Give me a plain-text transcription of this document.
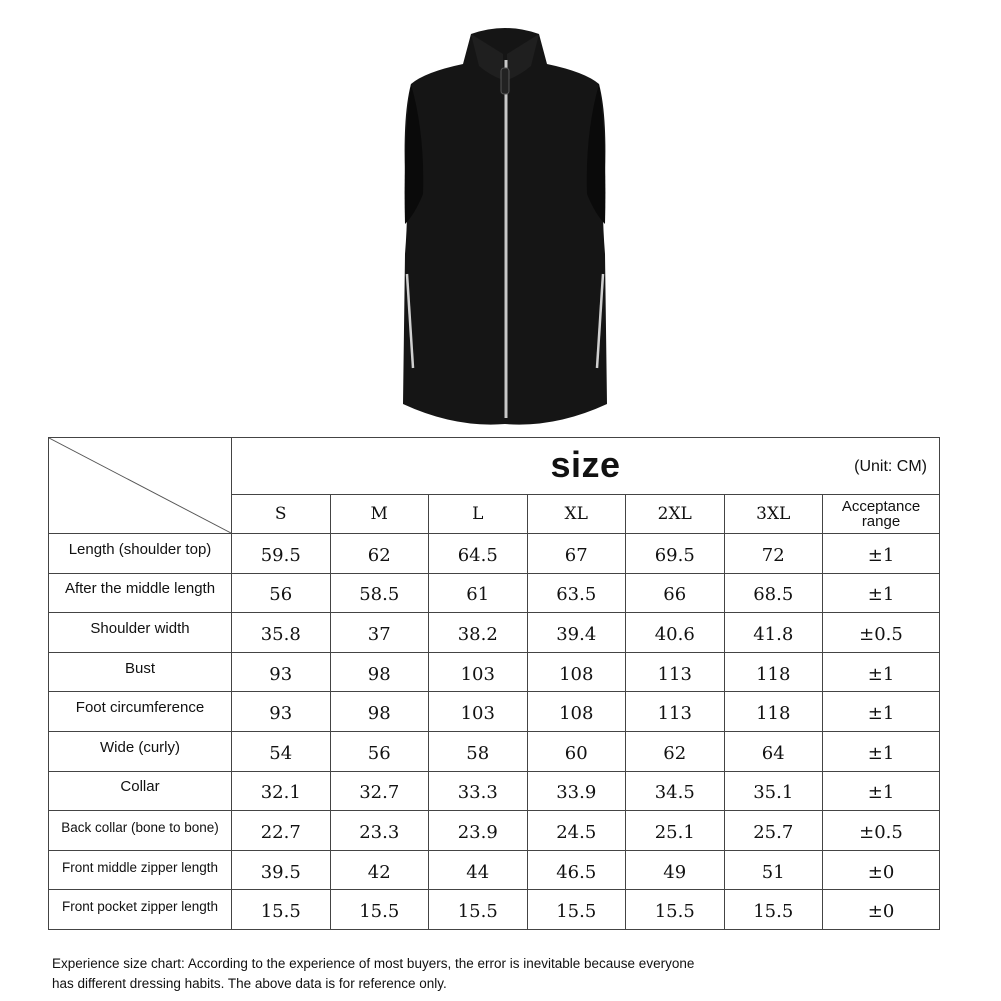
size (Unit: CM)						

	S	M	L	XL	2XL	3XL	Acceptance
range
Length (shoulder top)	59.5	62	64.5	67	69.5	72	±1
After the middle length	56	58.5	61	63.5	66	68.5	±1
Shoulder width	35.8	37	38.2	39.4	40.6	41.8	±0.5
Bust	93	98	103	108	113	118	±1
Foot circumference	93	98	103	108	113	118	±1
Wide (curly)	54	56	58	60	62	64	±1
Collar	32.1	32.7	33.3	33.9	34.5	35.1	±1
Back collar (bone to bone)	22.7	23.3	23.9	24.5	25.1	25.7	±0.5
Front middle zipper length	39.5	42	44	46.5	49	51	±0
Front pocket zipper length	15.5	15.5	15.5	15.5	15.5	15.5	±0
Experience size chart: According to the experience of most buyers, the error is inevitable because everyone
has different dressing habits. The above data is for reference only.
